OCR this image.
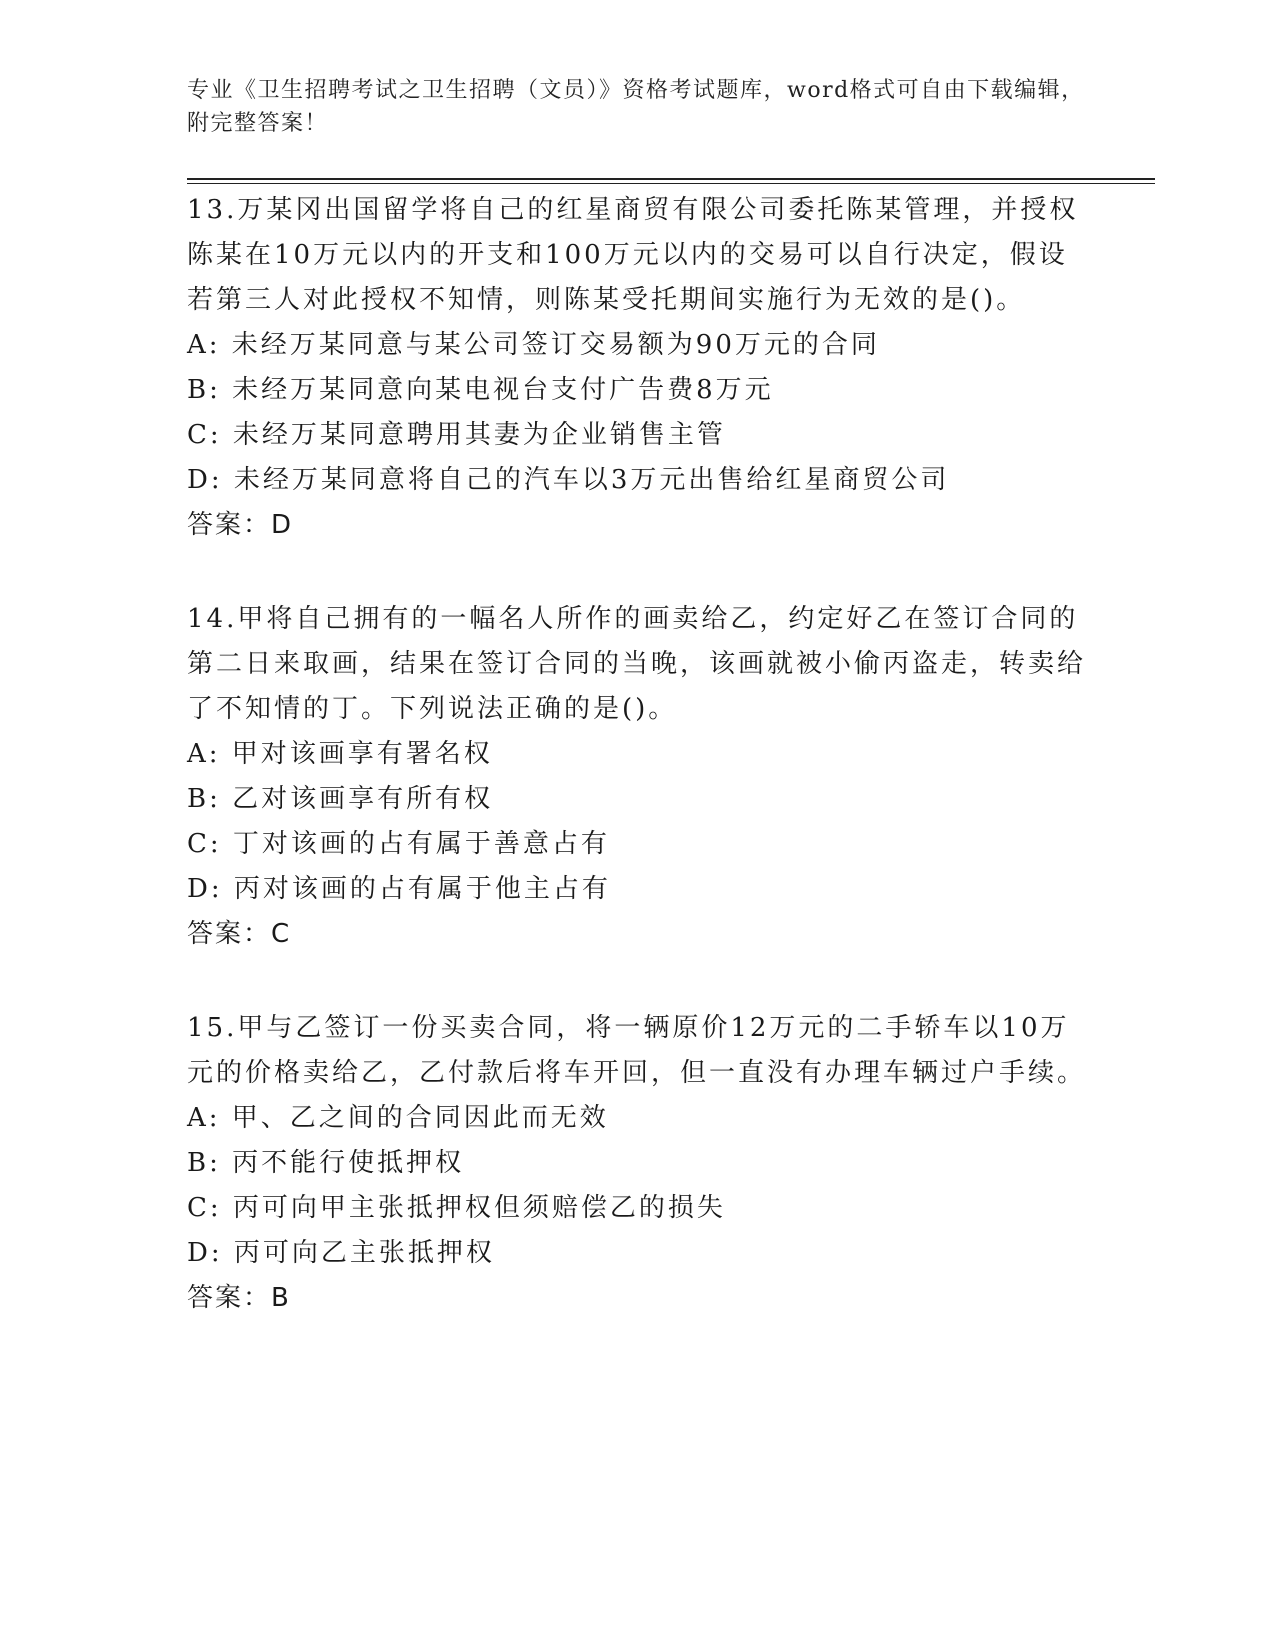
专业《卫生招聘考试之卫生招聘（文员）》资格考试题库，word格式可自由下载编辑，附完整答案！

13.万某冈出国留学将自己的红星商贸有限公司委托陈某管理，并授权陈某在10万元以内的开支和100万元以内的交易可以自行决定，假设若第三人对此授权不知情，则陈某受托期间实施行为无效的是()。

A: 未经万某同意与某公司签订交易额为90万元的合同
B: 未经万某同意向某电视台支付广告费8万元
C: 未经万某同意聘用其妻为企业销售主管
D: 未经万某同意将自己的汽车以3万元出售给红星商贸公司
答案：D

14.甲将自己拥有的一幅名人所作的画卖给乙，约定好乙在签订合同的第二日来取画，结果在签订合同的当晚，该画就被小偷丙盗走，转卖给了不知情的丁。下列说法正确的是()。

A: 甲对该画享有署名权
B: 乙对该画享有所有权
C: 丁对该画的占有属于善意占有
D: 丙对该画的占有属于他主占有
答案：C

15.甲与乙签订一份买卖合同，将一辆原价12万元的二手轿车以10万元的价格卖给乙，乙付款后将车开回，但一直没有办理车辆过户手续。

A: 甲、乙之间的合同因此而无效
B: 丙不能行使抵押权
C: 丙可向甲主张抵押权但须赔偿乙的损失
D: 丙可向乙主张抵押权
答案：B
